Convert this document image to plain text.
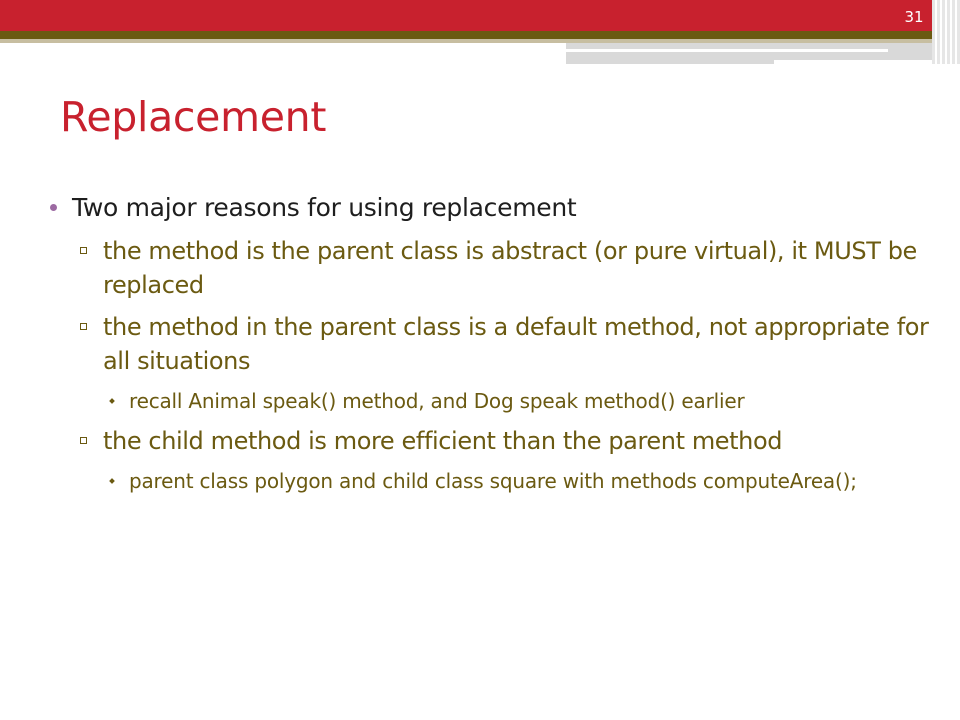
31
Replacement
Two major reasons for using replacement
the method is the parent class is abstract (or pure virtual), it MUST be replaced
the method in the parent class is a default method, not appropriate for all situations
recall Animal speak() method, and Dog speak method() earlier
the child method is more efficient than the parent method
parent class polygon and child class square with methods computeArea();
